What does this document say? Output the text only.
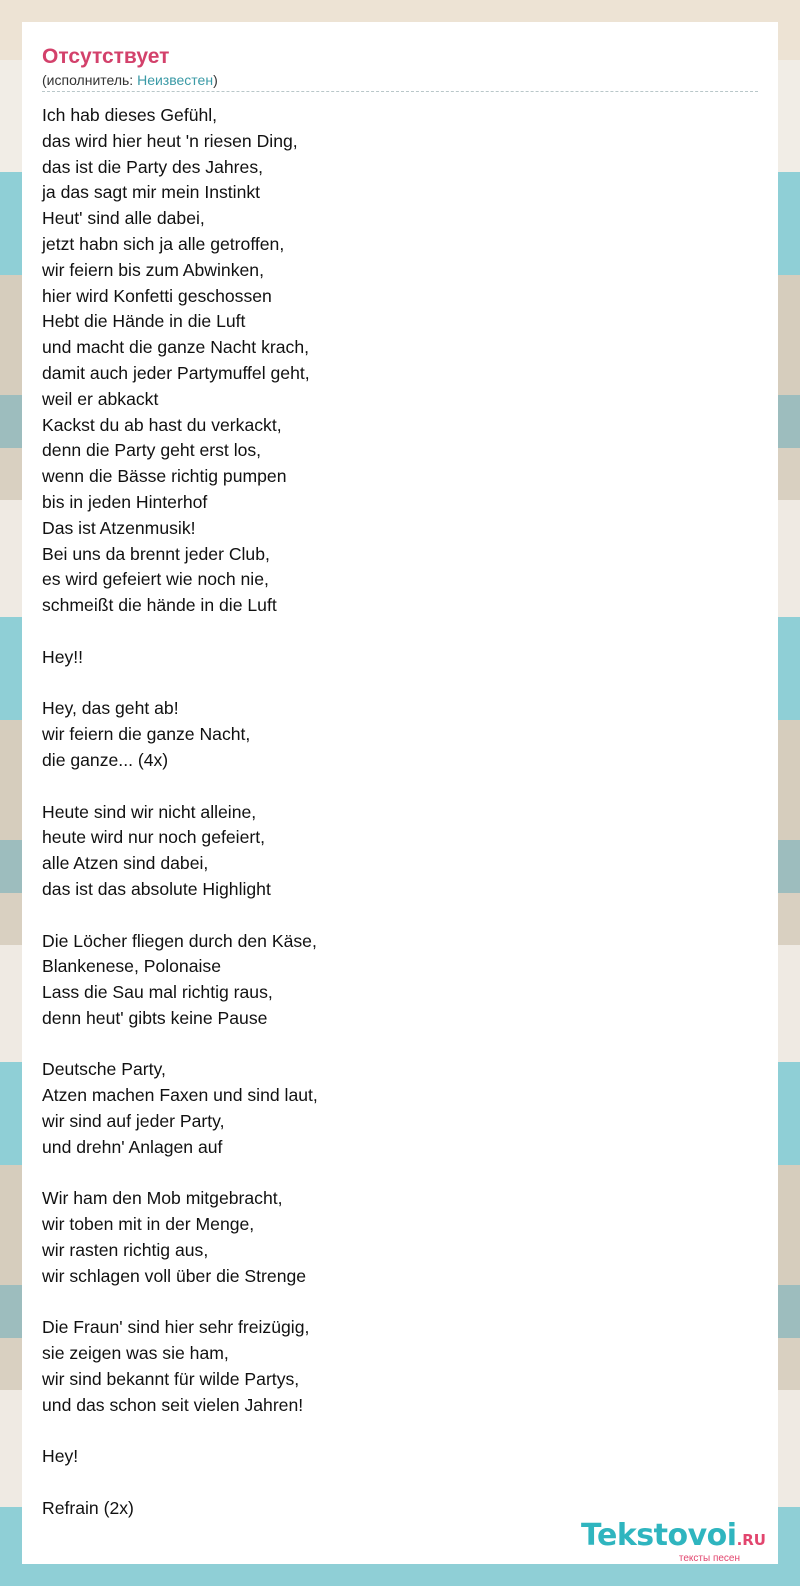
Отсутствует
(исполнитель: Неизвестен)
Ich hab dieses Gefühl,
das wird hier heut 'n riesen Ding,
das ist die Party des Jahres,
ja das sagt mir mein Instinkt
Heut' sind alle dabei,
jetzt habn sich ja alle getroffen,
wir feiern bis zum Abwinken,
hier wird Konfetti geschossen
Hebt die Hände in die Luft
und macht die ganze Nacht krach,
damit auch jeder Partymuffel geht,
weil er abkackt
Kackst du ab hast du verkackt,
denn die Party geht erst los,
wenn die Bässe richtig pumpen
bis in jeden Hinterhof
Das ist Atzenmusik!
Bei uns da brennt jeder Club,
es wird gefeiert wie noch nie,
schmeißt die hände in die Luft
Hey!!
Hey, das geht ab!
wir feiern die ganze Nacht,
die ganze... (4x)
Heute sind wir nicht alleine,
heute wird nur noch gefeiert,
alle Atzen sind dabei,
das ist das absolute Highlight
Die Löcher fliegen durch den Käse,
Blankenese, Polonaise
Lass die Sau mal richtig raus,
denn heut' gibts keine Pause
Deutsche Party,
Atzen machen Faxen und sind laut,
wir sind auf jeder Party,
und drehn' Anlagen auf
Wir ham den Mob mitgebracht,
wir toben mit in der Menge,
wir rasten richtig aus,
wir schlagen voll über die Strenge
Die Fraun' sind hier sehr freizügig,
sie zeigen was sie ham,
wir sind bekannt für wilde Partys,
und das schon seit vielen Jahren!
Hey!
Refrain (2x)
Tekstovoi.RU
тексты песен
